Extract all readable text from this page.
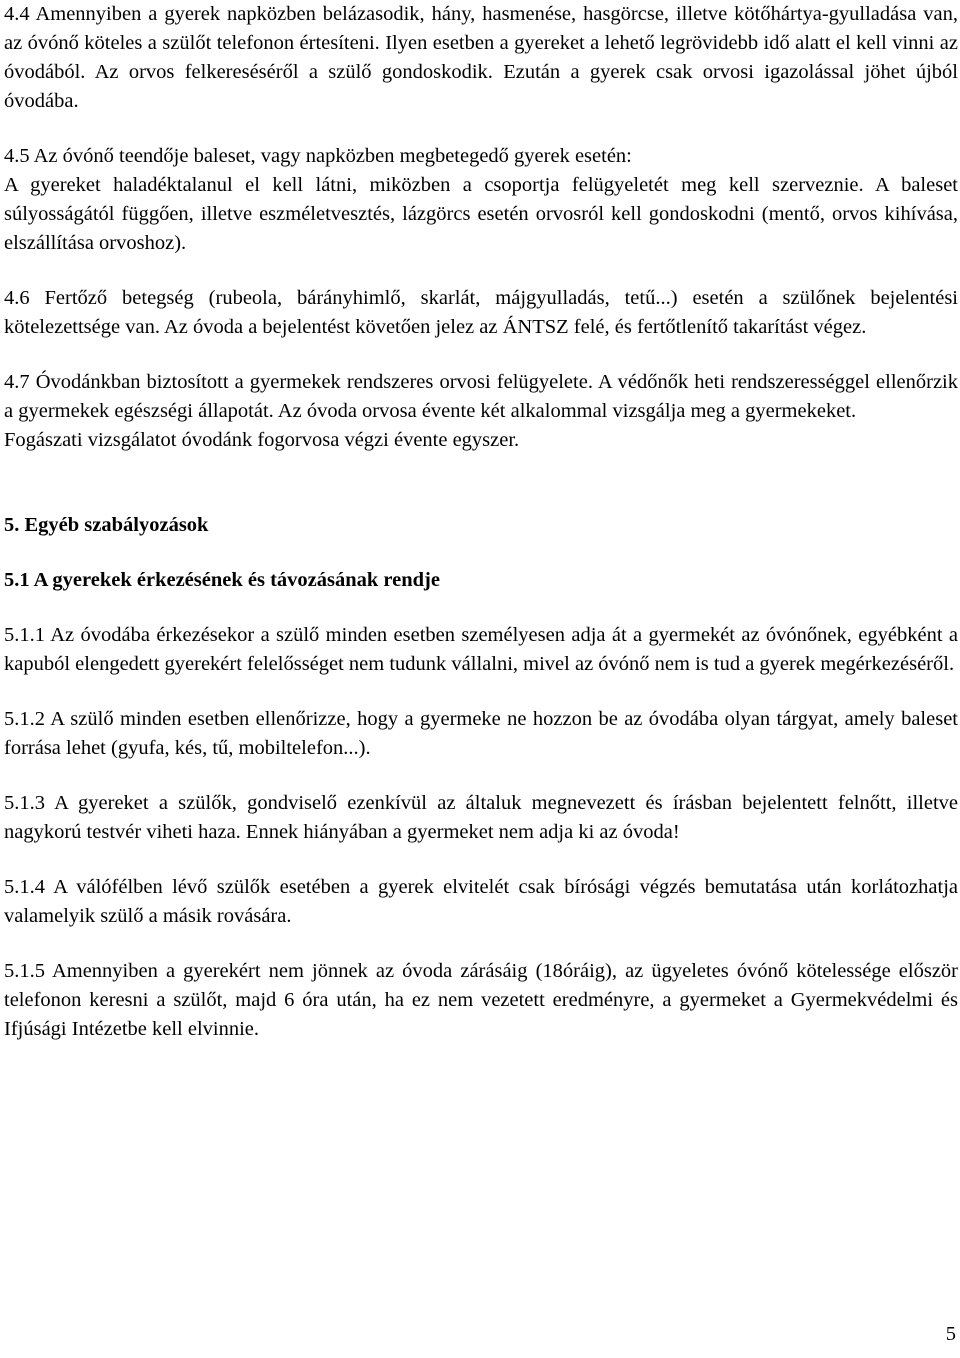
4.4 Amennyiben a gyerek napközben belázasodik, hány, hasmenése, hasgörcse, illetve kötőhártya-gyulladása van, az óvónő köteles a szülőt telefonon értesíteni. Ilyen esetben a gyereket a lehető legrövidebb idő alatt el kell vinni az óvodából. Az orvos felkereséséről a szülő gondoskodik. Ezután a gyerek csak orvosi igazolással jöhet újból óvodába.

4.5 Az óvónő teendője baleset, vagy napközben megbetegedő gyerek esetén:

A gyereket haladéktalanul el kell látni, miközben a csoportja felügyeletét meg kell szerveznie. A baleset súlyosságától függően, illetve eszméletvesztés, lázgörcs esetén orvosról kell gondoskodni (mentő, orvos kihívása, elszállítása orvoshoz).

4.6 Fertőző betegség (rubeola, bárányhimlő, skarlát, májgyulladás, tetű...) esetén a szülőnek bejelentési kötelezettsége van. Az óvoda a bejelentést követően jelez az ÁNTSZ felé, és fertőtlenítő takarítást végez.

4.7 Óvodánkban biztosított a gyermekek rendszeres orvosi felügyelete. A védőnők heti rendszerességgel ellenőrzik a gyermekek egészségi állapotát. Az óvoda orvosa évente két alkalommal vizsgálja meg a gyermekeket.

Fogászati vizsgálatot óvodánk fogorvosa végzi évente egyszer.

5. Egyéb szabályozások

5.1 A gyerekek érkezésének és távozásának rendje

5.1.1 Az óvodába érkezésekor a szülő minden esetben személyesen adja át a gyermekét az óvónőnek, egyébként a kapuból elengedett gyerekért felelősséget nem tudunk vállalni, mivel az óvónő nem is tud a gyerek megérkezéséről.

5.1.2 A szülő minden esetben ellenőrizze, hogy a gyermeke ne hozzon be az óvodába olyan tárgyat, amely baleset forrása lehet (gyufa, kés, tű, mobiltelefon...).

5.1.3 A gyereket a szülők, gondviselő ezenkívül az általuk megnevezett és írásban bejelentett felnőtt, illetve nagykorú testvér viheti haza. Ennek hiányában a gyermeket nem adja ki az óvoda!

5.1.4 A válófélben lévő szülők esetében a gyerek elvitelét csak bírósági végzés bemutatása után korlátozhatja valamelyik szülő a másik rovására.

5.1.5 Amennyiben a gyerekért nem jönnek az óvoda zárásáig (18óráig), az ügyeletes óvónő kötelessége először telefonon keresni a szülőt, majd 6 óra után, ha ez nem vezetett eredményre, a gyermeket a Gyermekvédelmi és Ifjúsági Intézetbe kell elvinnie.

5
